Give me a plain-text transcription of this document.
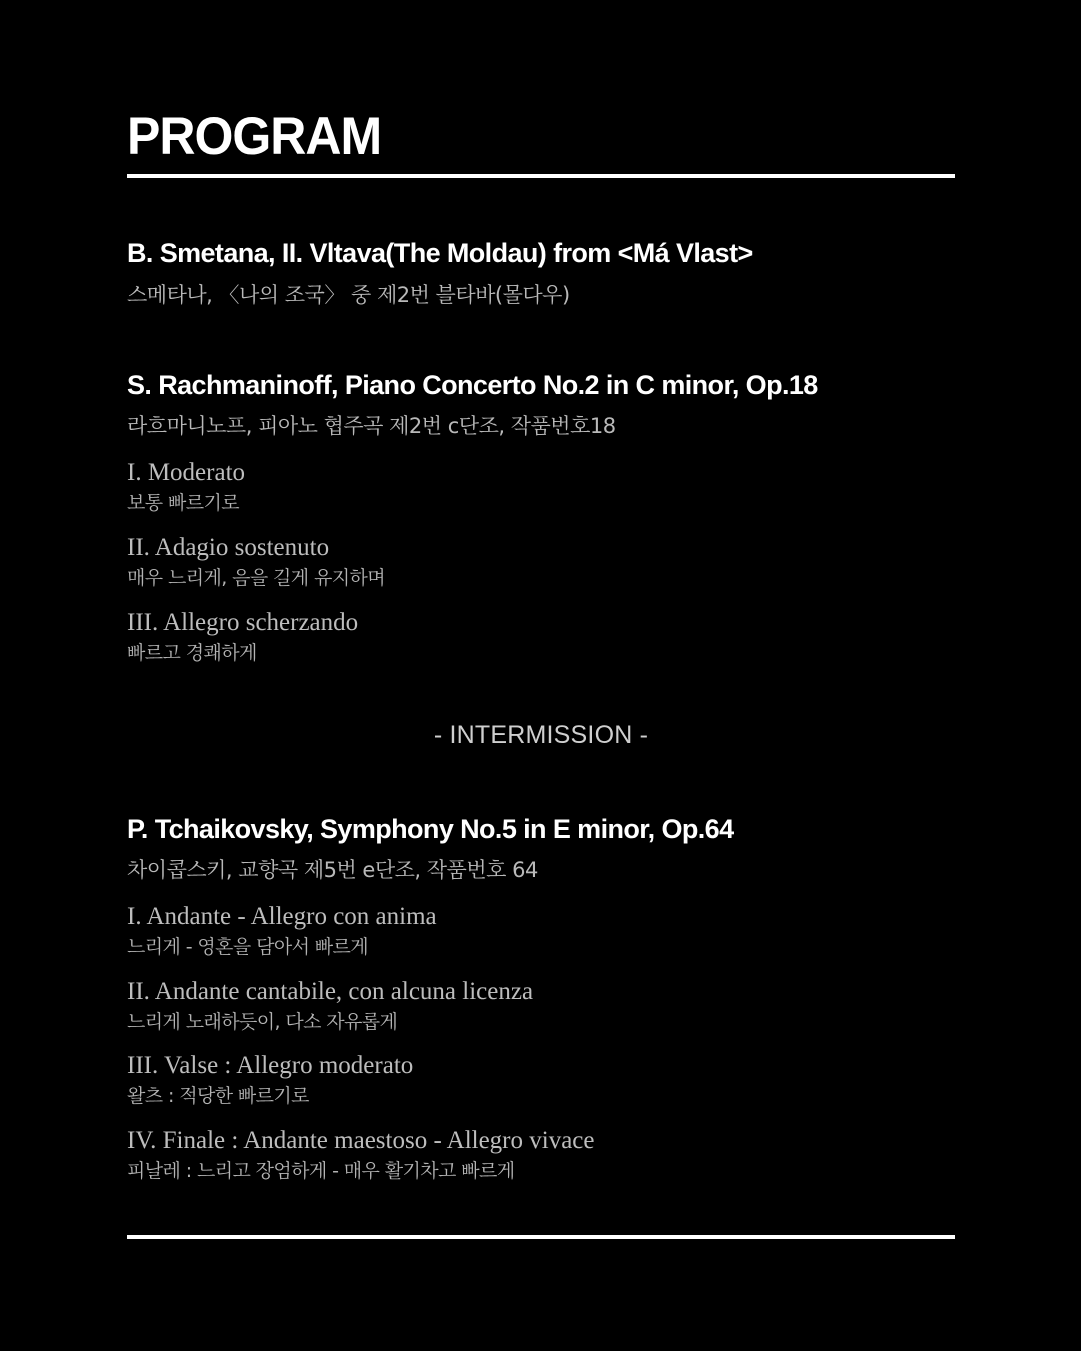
PROGRAM
B. Smetana, II. Vltava(The Moldau) from <Má Vlast>
스메타나, 〈나의 조국〉 중 제2번 블타바(몰다우)
S. Rachmaninoff, Piano Concerto No.2 in C minor, Op.18
라흐마니노프, 피아노 협주곡 제2번 c단조, 작품번호18
I. Moderato
보통 빠르기로
II. Adagio sostenuto
매우 느리게, 음을 길게 유지하며
III. Allegro scherzando
빠르고 경쾌하게
- INTERMISSION -
P. Tchaikovsky, Symphony No.5 in E minor, Op.64
차이콥스키, 교향곡 제5번 e단조, 작품번호 64
I. Andante - Allegro con anima
느리게 - 영혼을 담아서 빠르게
II. Andante cantabile, con alcuna licenza
느리게 노래하듯이, 다소 자유롭게
III. Valse : Allegro moderato
왈츠 : 적당한 빠르기로
IV. Finale : Andante maestoso - Allegro vivace
피날레 : 느리고 장엄하게 - 매우 활기차고 빠르게
